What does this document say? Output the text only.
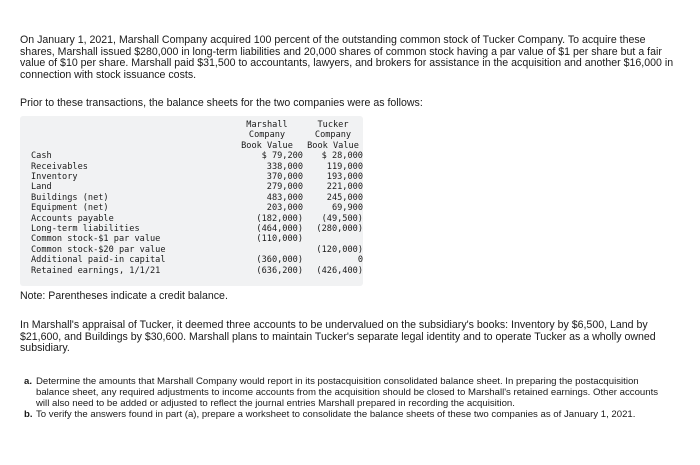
On January 1, 2021, Marshall Company acquired 100 percent of the outstanding common stock of Tucker Company. To acquire these shares, Marshall issued $280,000 in long-term liabilities and 20,000 shares of common stock having a par value of $1 per share but a fair value of $10 per share. Marshall paid $31,500 to accountants, lawyers, and brokers for assistance in the acquisition and another $16,000 in connection with stock issuance costs.
Prior to these transactions, the balance sheets for the two companies were as follows:
	Marshall	Tucker
	Company	Company
	Book Value	Book Value
Cash	$ 79,200	$ 28,000
Receivables	338,000	119,000
Inventory	370,000	193,000
Land	279,000	221,000
Buildings (net)	483,000	245,000
Equipment (net)	203,000	69,900
Accounts payable	(182,000)	(49,500)
Long-term liabilities	(464,000)	(280,000)
Common stock-$1 par value	(110,000)	
Common stock-$20 par value		(120,000)
Additional paid-in capital	(360,000)	0
Retained earnings, 1/1/21	(636,200)	(426,400)
Note: Parentheses indicate a credit balance.
In Marshall's appraisal of Tucker, it deemed three accounts to be undervalued on the subsidiary's books: Inventory by $6,500, Land by $21,600, and Buildings by $30,600. Marshall plans to maintain Tucker's separate legal identity and to operate Tucker as a wholly owned subsidiary.
a. Determine the amounts that Marshall Company would report in its postacquisition consolidated balance sheet. In preparing the postacquisition balance sheet, any required adjustments to income accounts from the acquisition should be closed to Marshall's retained earnings. Other accounts will also need to be added or adjusted to reflect the journal entries Marshall prepared in recording the acquisition.
b. To verify the answers found in part (a), prepare a worksheet to consolidate the balance sheets of these two companies as of January 1, 2021.
